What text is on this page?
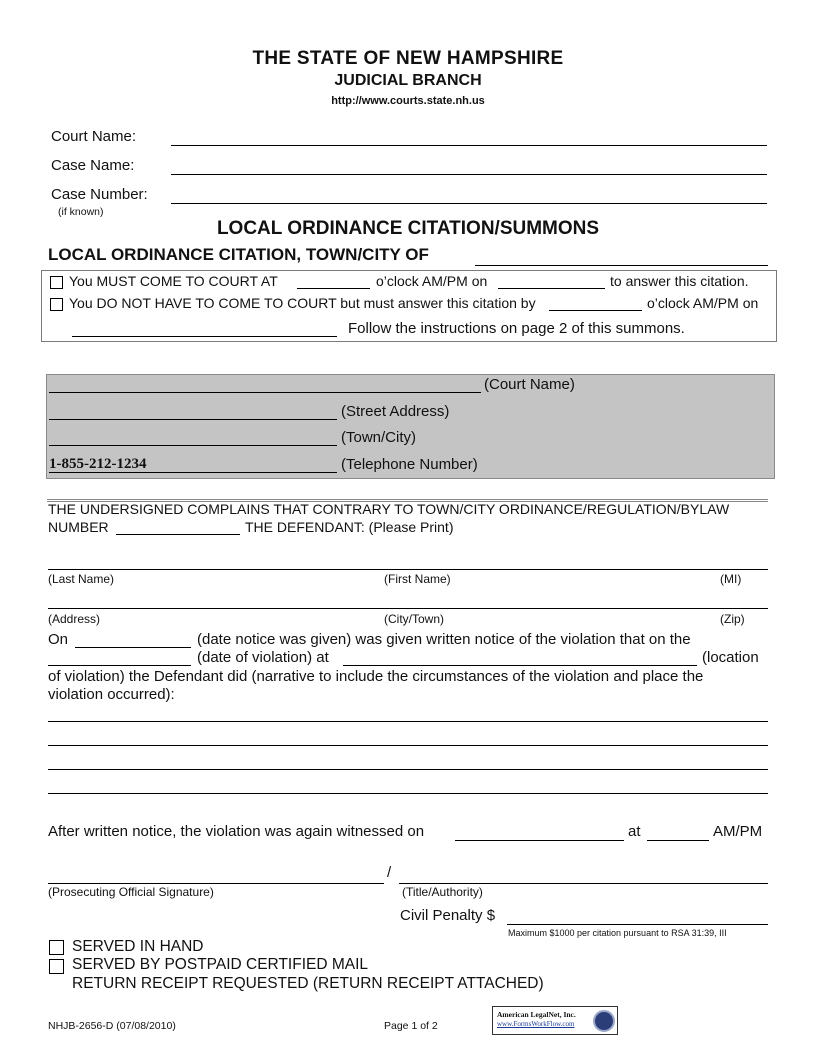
THE STATE OF NEW HAMPSHIRE
JUDICIAL BRANCH
http://www.courts.state.nh.us
Court Name:
Case Name:
Case Number:
(if known)
LOCAL ORDINANCE CITATION/SUMMONS
LOCAL ORDINANCE CITATION, TOWN/CITY OF
You MUST COME TO COURT AT	o’clock AM/PM on	to answer this citation.
You DO NOT HAVE TO COME TO COURT but must answer this citation by	o’clock AM/PM on
Follow the instructions on page 2 of this summons.
(Court Name)
(Street Address)
(Town/City)
1-855-212-1234	(Telephone Number)
THE UNDERSIGNED COMPLAINS THAT CONTRARY TO TOWN/CITY ORDINANCE/REGULATION/BYLAW
NUMBER	THE DEFENDANT: (Please Print)
(Last Name)	(First Name)	(MI)
(Address)	(City/Town)	(Zip)
On	(date notice was given) was given written notice of the violation that on the
(date of violation) at	(location
of violation) the Defendant did (narrative to include the circumstances of the violation and place the
violation occurred):
After written notice, the violation was again witnessed on	at	AM/PM
/
(Prosecuting Official Signature)	(Title/Authority)
Civil Penalty $
Maximum $1000 per citation pursuant to RSA 31:39, III
SERVED IN HAND
SERVED BY POSTPAID CERTIFIED MAIL
RETURN RECEIPT REQUESTED (RETURN RECEIPT ATTACHED)
NHJB-2656-D (07/08/2010)	Page 1 of 2
American LegalNet, Inc.
www.FormsWorkFlow.com
